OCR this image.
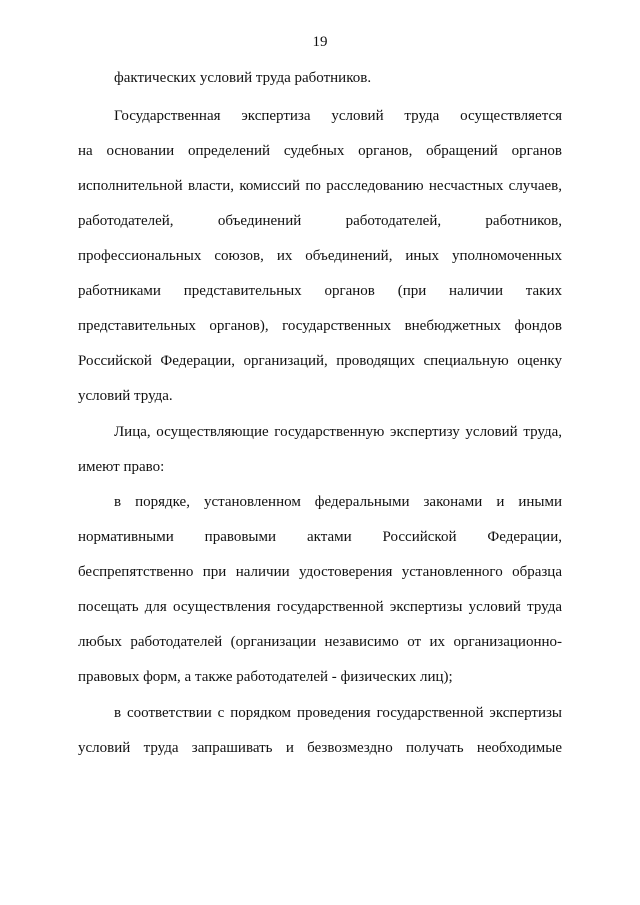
19
фактических условий труда работников.
Государственная экспертиза условий труда осуществляется
на основании определений судебных органов, обращений органов
исполнительной власти, комиссий по расследованию несчастных случаев,
работодателей, объединений работодателей, работников,
профессиональных союзов, их объединений, иных уполномоченных
работниками представительных органов (при наличии таких
представительных органов), государственных внебюджетных фондов
Российской Федерации, организаций, проводящих специальную оценку
условий труда.
Лица, осуществляющие государственную экспертизу условий труда,
имеют право:
в порядке, установленном федеральными законами и иными
нормативными правовыми актами Российской Федерации,
беспрепятственно при наличии удостоверения установленного образца
посещать для осуществления государственной экспертизы условий труда
любых работодателей (организации независимо от их организационно-
правовых форм, а также работодателей - физических лиц);
в соответствии с порядком проведения государственной экспертизы
условий труда запрашивать и безвозмездно получать необходимые
